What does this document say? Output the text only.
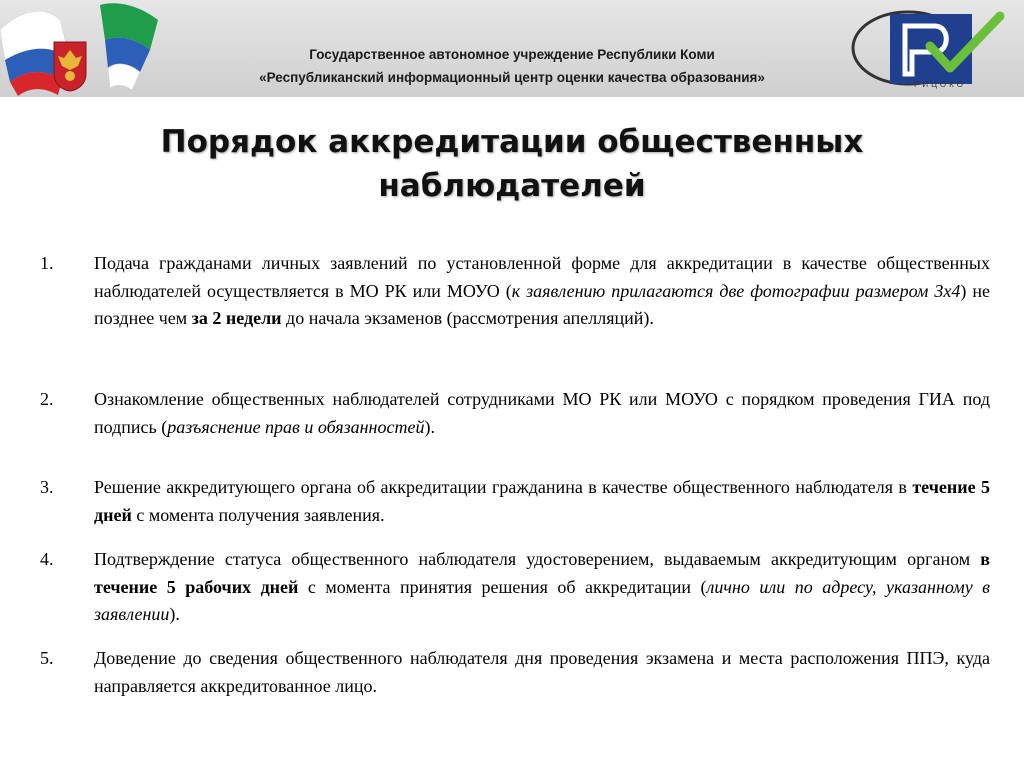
Государственное автономное учреждение Республики Коми
«Республиканский информационный центр оценки качества образования»	РИЦОКО
Порядок аккредитации общественных
наблюдателей
1. Подача гражданами личных заявлений по установленной форме для аккредитации в качестве общественных наблюдателей осуществляется в МО РК или МОУО (к заявлению прилагаются две фотографии размером 3х4) не позднее чем за 2 недели до начала экзаменов (рассмотрения апелляций).
2. Ознакомление общественных наблюдателей сотрудниками МО РК или МОУО с порядком проведения ГИА под подпись (разъяснение прав и обязанностей).
3. Решение аккредитующего органа об аккредитации гражданина в качестве общественного наблюдателя в течение 5 дней с момента получения заявления.
4. Подтверждение статуса общественного наблюдателя удостоверением, выдаваемым аккредитующим органом в течение 5 рабочих дней с момента принятия решения об аккредитации (лично или по адресу, указанному в заявлении).
5. Доведение до сведения общественного наблюдателя дня проведения экзамена и места расположения ППЭ, куда направляется аккредитованное лицо.
